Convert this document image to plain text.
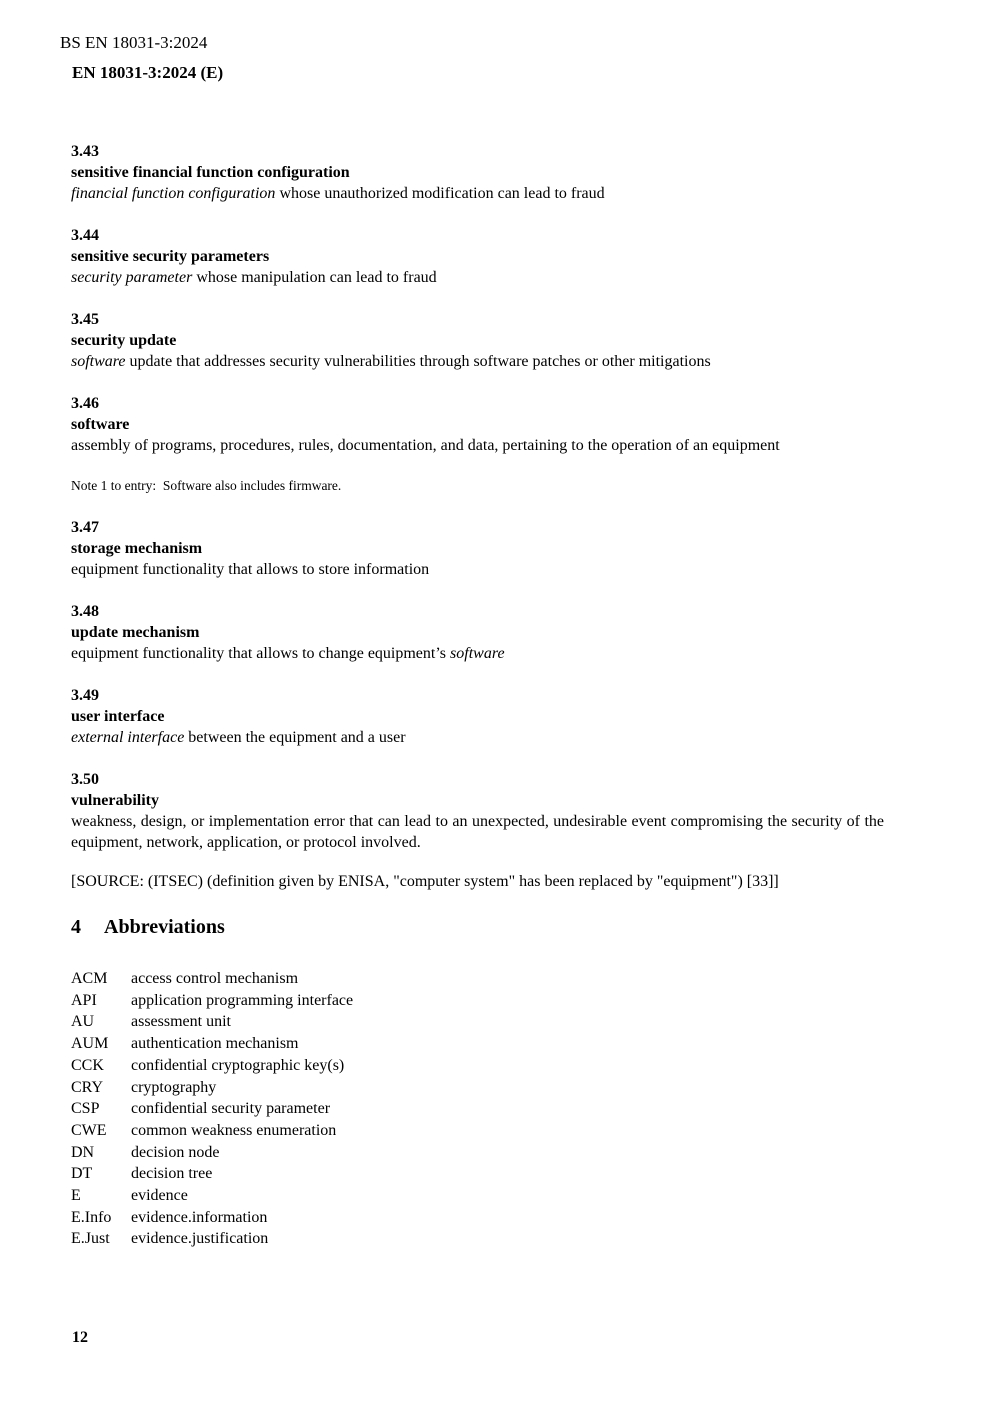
BS EN 18031-3:2024
EN 18031-3:2024 (E)

3.43

sensitive financial function configuration

financial function configuration whose unauthorized modification can lead to fraud

3.44

sensitive security parameters

security parameter whose manipulation can lead to fraud

3.45

security update

software update that addresses security vulnerabilities through software patches or other mitigations

3.46

software

assembly of programs, procedures, rules, documentation, and data, pertaining to the operation of an equipment

Note 1 to entry:  Software also includes firmware.

3.47

storage mechanism

equipment functionality that allows to store information

3.48

update mechanism

equipment functionality that allows to change equipment’s software

3.49

user interface

external interface between the equipment and a user

3.50

vulnerability

weakness, design, or implementation error that can lead to an unexpected, undesirable event compromising the security of the equipment, network, application, or protocol involved.

[SOURCE: (ITSEC) (definition given by ENISA, "computer system" has been replaced by "equipment") [33]]

4 Abbreviations
ACM	access control mechanism
API	application programming interface
AU	assessment unit
AUM	authentication mechanism
CCK	confidential cryptographic key(s)
CRY	cryptography
CSP	confidential security parameter
CWE	common weakness enumeration
DN	decision node
DT	decision tree
E	evidence
E.Info	evidence.information
E.Just	evidence.justification
12
